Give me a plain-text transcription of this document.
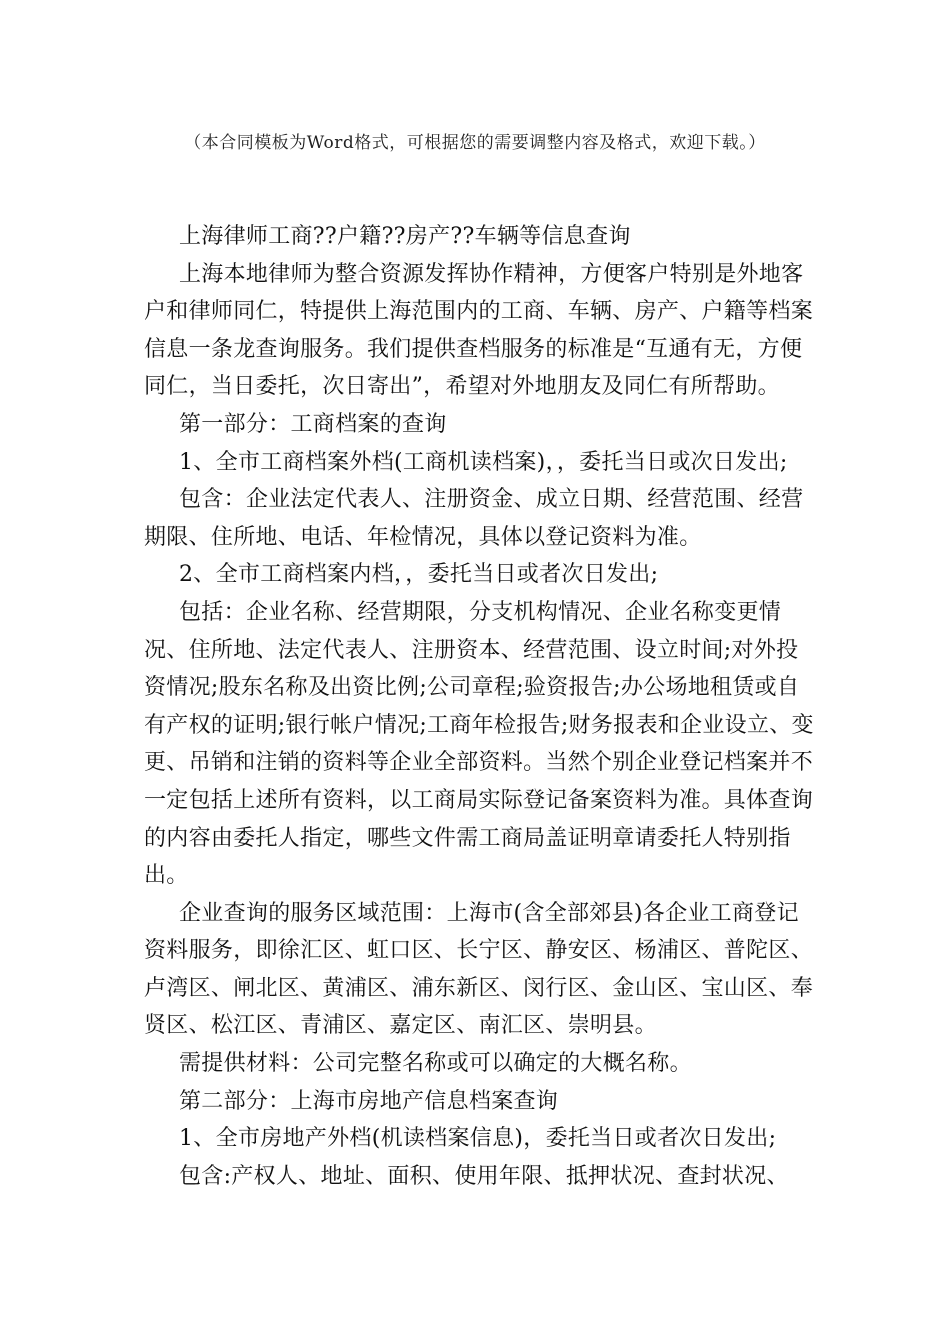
（本合同模板为Word格式，可根据您的需要调整内容及格式，欢迎下载。）

上海律师工商??户籍??房产??车辆等信息查询

上海本地律师为整合资源发挥协作精神，方便客户特别是外地客户和律师同仁，特提供上海范围内的工商、车辆、房产、户籍等档案信息一条龙查询服务。我们提供查档服务的标准是“互通有无，方便同仁，当日委托，次日寄出”，希望对外地朋友及同仁有所帮助。

第一部分：工商档案的查询

1、全市工商档案外档(工商机读档案)，，委托当日或次日发出;

包含：企业法定代表人、注册资金、成立日期、经营范围、经营期限、住所地、电话、年检情况，具体以登记资料为准。

2、全市工商档案内档，，委托当日或者次日发出;

包括：企业名称、经营期限，分支机构情况、企业名称变更情况、住所地、法定代表人、注册资本、经营范围、设立时间;对外投资情况;股东名称及出资比例;公司章程;验资报告;办公场地租赁或自有产权的证明;银行帐户情况;工商年检报告;财务报表和企业设立、变更、吊销和注销的资料等企业全部资料。当然个别企业登记档案并不一定包括上述所有资料，以工商局实际登记备案资料为准。具体查询的内容由委托人指定，哪些文件需工商局盖证明章请委托人特别指出。

企业查询的服务区域范围：上海市(含全部郊县)各企业工商登记资料服务，即徐汇区、虹口区、长宁区、静安区、杨浦区、普陀区、卢湾区、闸北区、黄浦区、浦东新区、闵行区、金山区、宝山区、奉贤区、松江区、青浦区、嘉定区、南汇区、崇明县。

需提供材料：公司完整名称或可以确定的大概名称。

第二部分：上海市房地产信息档案查询

1、全市房地产外档(机读档案信息)，委托当日或者次日发出;

包含:产权人、地址、面积、使用年限、抵押状况、查封状况、
